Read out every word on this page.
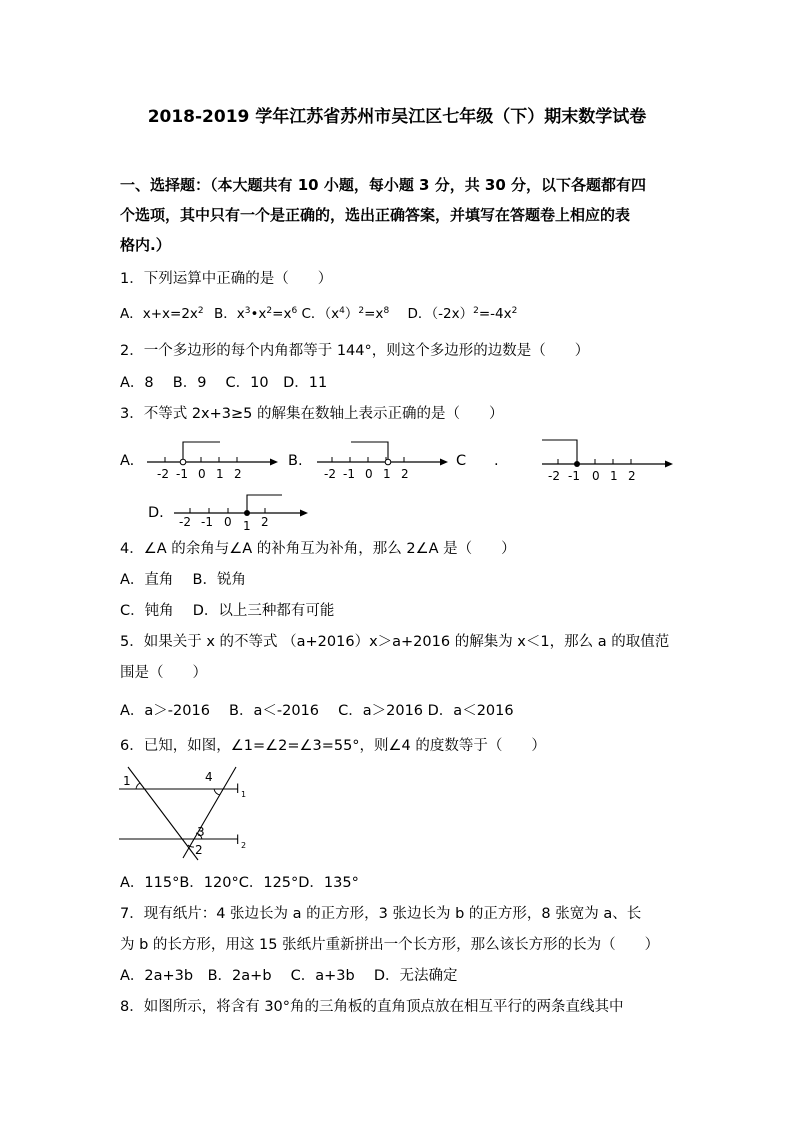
2018-2019 学年江苏省苏州市吴江区七年级（下）期末数学试卷
一、选择题：（本大题共有 10 小题，每小题 3 分，共 30 分，以下各题都有四
个选项，其中只有一个是正确的，选出正确答案，并填写在答题卷上相应的表
格内.）
1．下列运算中正确的是（　　）
A．$x+x=2x^2$ B．$x^3•x^2=x^6$ C．$(x^4)^2=x^8$ D．$(-2x)^2=-4x^2$
2．一个多边形的每个内角都等于 144°，则这个多边形的边数是（　　）
A．8　 B．9　 C．10　D．11
3．不等式 2x+3≥5 的解集在数轴上表示正确的是（　　）
A.
-2 -1 0 1 2
B.
-2 -1 0 1 2
C .
-2 -1 0 1 2
D.
-2 -1 0 1 2
4．∠A 的余角与∠A 的补角互为补角，那么 2∠A 是（　　）
A．直角　 B．锐角
C．钝角　 D．以上三种都有可能
5．如果关于 x 的不等式 （a+2016）x＞a+2016 的解集为 x＜1，那么 a 的取值范
围是（　　）
A．a＞-2016　 B．a＜-2016　 C．a＞2016 D．a＜2016
6．已知，如图，∠1=∠2=∠3=55°，则∠4 的度数等于（　　）
1	4
3
2
l 1
l 2
A．115°B．120°C．125°D．135°
7．现有纸片：4 张边长为 a 的正方形，3 张边长为 b 的正方形，8 张宽为 a、长
为 b 的长方形，用这 15 张纸片重新拼出一个长方形，那么该长方形的长为（　　）
A．2a+3b　B．2a+b　 C．a+3b　 D．无法确定
8．如图所示，将含有 30°角的三角板的直角顶点放在相互平行的两条直线其中
